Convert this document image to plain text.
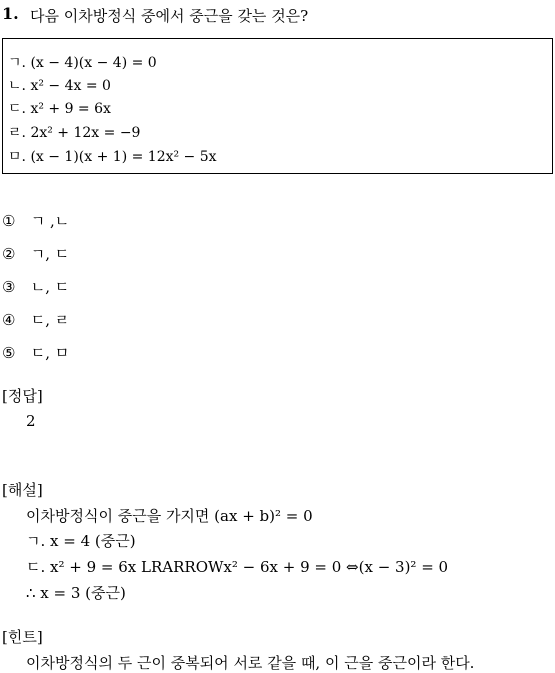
1. 다음 이차방정식 중에서 중근을 갖는 것은?
ㄱ. (x − 4)(x − 4) = 0
ㄴ. x² − 4x = 0
ㄷ. x² + 9 = 6x
ㄹ. 2x² + 12x = −9
ㅁ. (x − 1)(x + 1) = 12x² − 5x
① ㄱ ,ㄴ
② ㄱ, ㄷ
③ ㄴ, ㄷ
④ ㄷ, ㄹ
⑤ ㄷ, ㅁ
[정답]
2
[해설]
이차방정식이 중근을 가지면 (ax + b)² = 0
ㄱ. x = 4 (중근)
ㄷ. x² + 9 = 6x LRARROWx² − 6x + 9 = 0 ⇔(x − 3)² = 0
∴ x = 3 (중근)
[힌트]
이차방정식의 두 근이 중복되어 서로 같을 때, 이 근을 중근이라 한다.
